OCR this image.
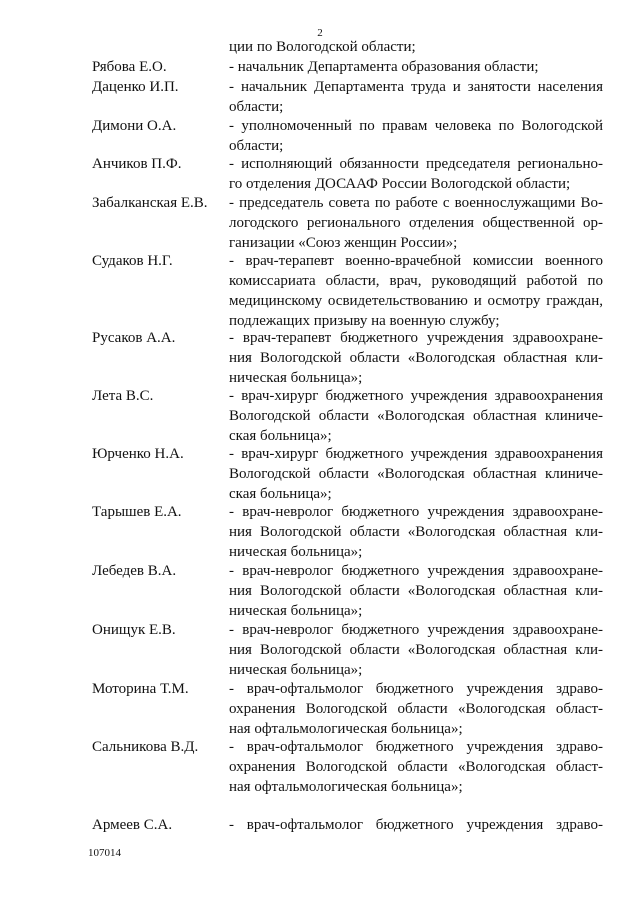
2
ции по Вологодской области;
Рябова Е.О.	- начальник Департамента образования области;
Даценко И.П.	- начальник Департамента труда и занятости населения
области;
Димони О.А.	- уполномоченный по правам человека по Вологодской
области;
Анчиков П.Ф.	- исполняющий обязанности председателя регионально-
го отделения ДОСААФ России Вологодской области;
Забалканская Е.В. - председатель совета по работе с военнослужащими Во-
логодского регионального отделения общественной ор-
ганизации «Союз женщин России»;
Судаков Н.Г.	- врач-терапевт военно-врачебной комиссии военного
комиссариата области, врач, руководящий работой по
медицинскому освидетельствованию и осмотру граждан,
подлежащих призыву на военную службу;
Русаков А.А.	- врач-терапевт бюджетного учреждения здравоохране-
ния Вологодской области «Вологодская областная кли-
ническая больница»;
Лета В.С.	- врач-хирург бюджетного учреждения здравоохранения
Вологодской области «Вологодская областная клиниче-
ская больница»;
Юрченко Н.А.	- врач-хирург бюджетного учреждения здравоохранения
Вологодской области «Вологодская областная клиниче-
ская больница»;
Тарышев Е.А.	- врач-невролог бюджетного учреждения здравоохране-
ния Вологодской области «Вологодская областная кли-
ническая больница»;
Лебедев В.А.	- врач-невролог бюджетного учреждения здравоохране-
ния Вологодской области «Вологодская областная кли-
ническая больница»;
Онищук Е.В.	- врач-невролог бюджетного учреждения здравоохране-
ния Вологодской области «Вологодская областная кли-
ническая больница»;
Моторина Т.М.	- врач-офтальмолог бюджетного учреждения здраво-
охранения Вологодской области «Вологодская област-
ная офтальмологическая больница»;
Сальникова В.Д. - врач-офтальмолог бюджетного учреждения здраво-
охранения Вологодской области «Вологодская област-
ная офтальмологическая больница»;
Армеев С.А.	- врач-офтальмолог бюджетного учреждения здраво-
107014
